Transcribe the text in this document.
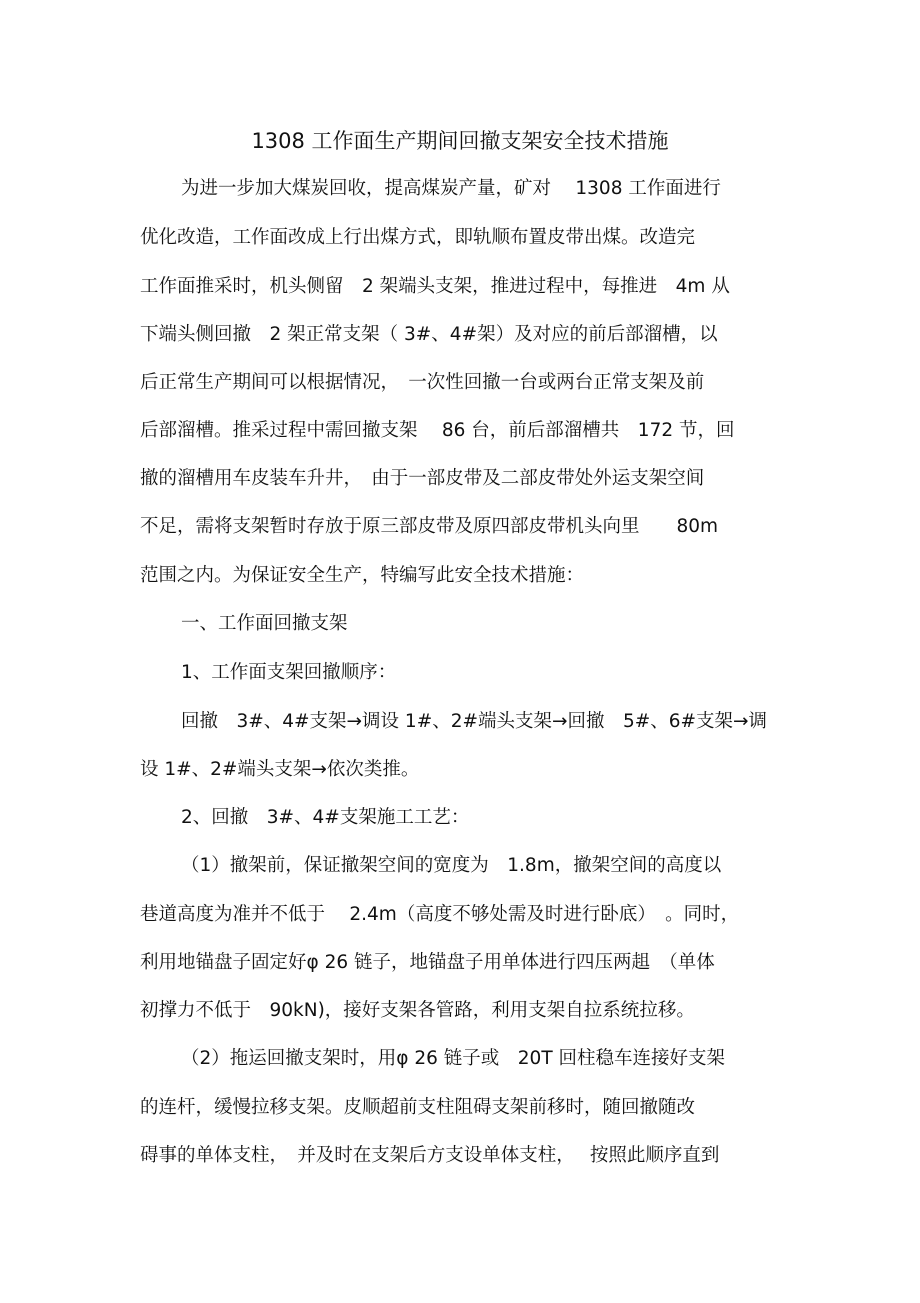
1308 工作面生产期间回撤支架安全技术措施
为进一步加大煤炭回收，提高煤炭产量，矿对　 1308 工作面进行
优化改造，工作面改成上行出煤方式，即轨顺布置皮带出煤。改造完
工作面推采时，机头侧留　2 架端头支架，推进过程中，每推进　4m 从
下端头侧回撤　2 架正常支架（ 3#、4#架）及对应的前后部溜槽，以
后正常生产期间可以根据情况，　一次性回撤一台或两台正常支架及前
后部溜槽。推采过程中需回撤支架　 86 台，前后部溜槽共　172 节，回
撤的溜槽用车皮装车升井，　由于一部皮带及二部皮带处外运支架空间
不足，需将支架暂时存放于原三部皮带及原四部皮带机头向里　　80m
范围之内。为保证安全生产，特编写此安全技术措施：
一、工作面回撤支架
1、工作面支架回撤顺序：
回撤　3#、4#支架→调设 1#、2#端头支架→回撤　5#、6#支架→调
设 1#、2#端头支架→依次类推。
2、回撤　3#、4#支架施工工艺：
（1）撤架前，保证撤架空间的宽度为　1.8m，撤架空间的高度以
巷道高度为准并不低于　 2.4m（高度不够处需及时进行卧底）　。同时，
利用地锚盘子固定好φ 26 链子，地锚盘子用单体进行四压两趄　（单体
初撑力不低于　90kN)，接好支架各管路，利用支架自拉系统拉移。
（2）拖运回撤支架时，用φ 26 链子或　20T 回柱稳车连接好支架
的连杆，缓慢拉移支架。皮顺超前支柱阻碍支架前移时，随回撤随改
碍事的单体支柱，　并及时在支架后方支设单体支柱，　 按照此顺序直到
